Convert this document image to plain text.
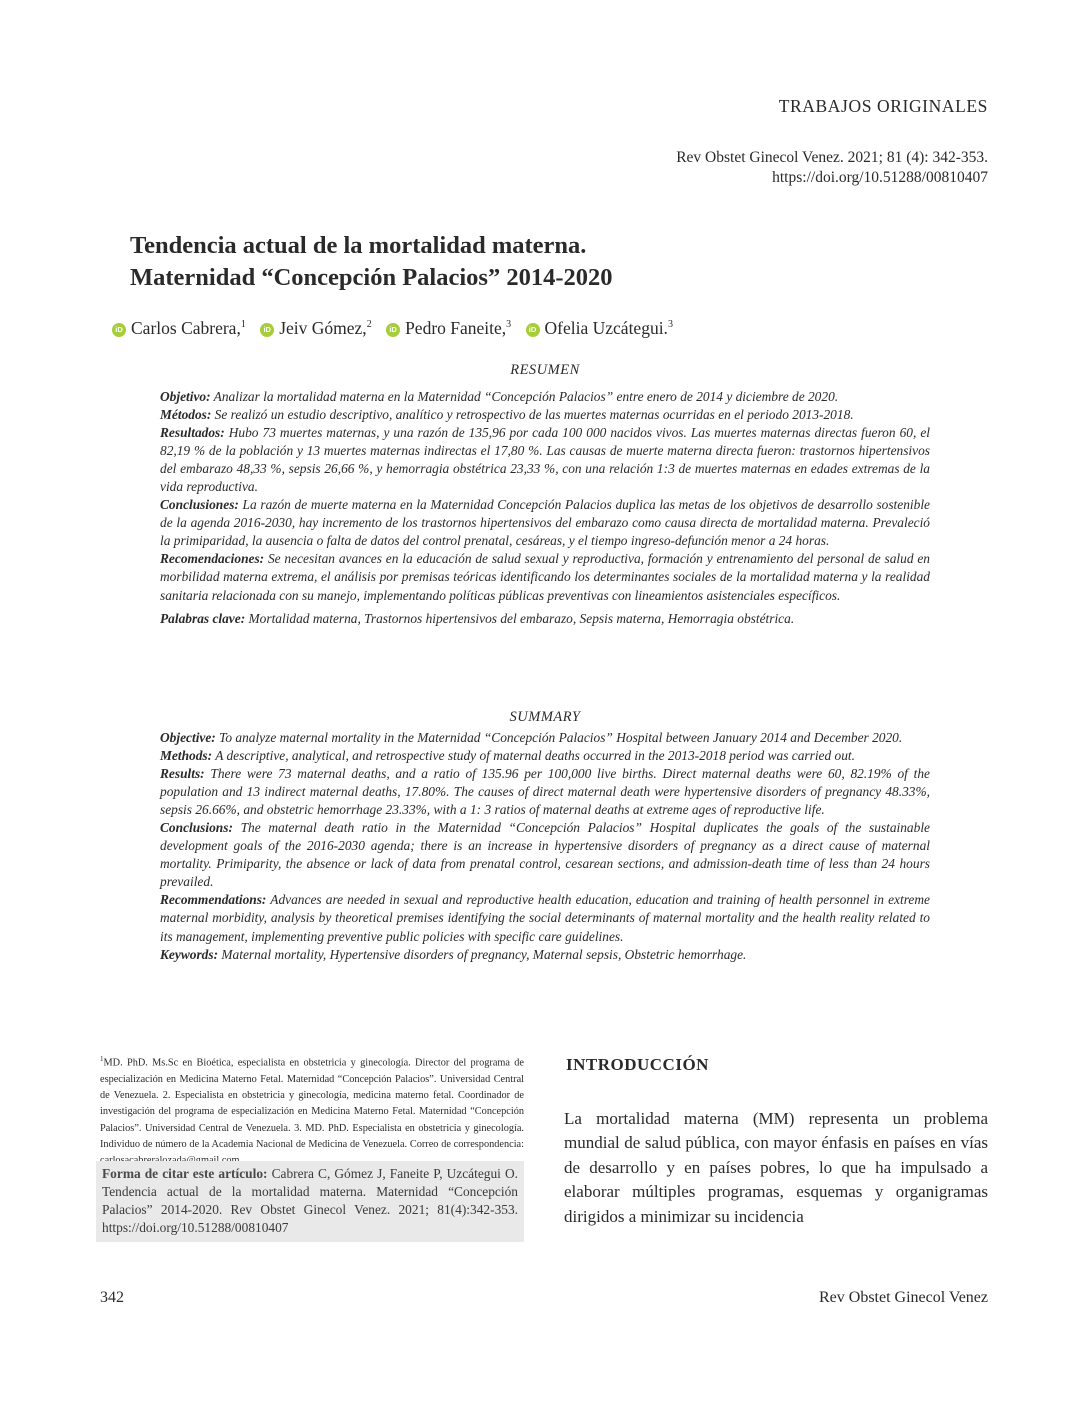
TRABAJOS ORIGINALES
Rev Obstet Ginecol Venez. 2021; 81 (4): 342-353.
https://doi.org/10.51288/00810407
Tendencia actual de la mortalidad materna.
Maternidad “Concepción Palacios” 2014-2020
iD Carlos Cabrera,$^1$ iD Jeiv Gómez,$^2$ iD Pedro Faneite,$^3$ iD Ofelia Uzcátegui.$^3$
RESUMEN

Objetivo: Analizar la mortalidad materna en la Maternidad “Concepción Palacios” entre enero de 2014 y diciembre de 2020.

Métodos: Se realizó un estudio descriptivo, analítico y retrospectivo de las muertes maternas ocurridas en el periodo 2013-2018.

Resultados: Hubo 73 muertes maternas, y una razón de 135,96 por cada 100 000 nacidos vivos. Las muertes maternas directas fueron 60, el 82,19 % de la población y 13 muertes maternas indirectas el 17,80 %. Las causas de muerte materna directa fueron: trastornos hipertensivos del embarazo 48,33 %, sepsis 26,66 %, y hemorragia obstétrica 23,33 %, con una relación 1:3 de muertes maternas en edades extremas de la vida reproductiva.

Conclusiones: La razón de muerte materna en la Maternidad Concepción Palacios duplica las metas de los objetivos de desarrollo sostenible de la agenda 2016-2030, hay incremento de los trastornos hipertensivos del embarazo como causa directa de mortalidad materna. Prevaleció la primiparidad, la ausencia o falta de datos del control prenatal, cesáreas, y el tiempo ingreso-defunción menor a 24 horas.

Recomendaciones: Se necesitan avances en la educación de salud sexual y reproductiva, formación y entrenamiento del personal de salud en morbilidad materna extrema, el análisis por premisas teóricas identificando los determinantes sociales de la mortalidad materna y la realidad sanitaria relacionada con su manejo, implementando políticas públicas preventivas con lineamientos asistenciales específicos.

Palabras clave: Mortalidad materna, Trastornos hipertensivos del embarazo, Sepsis materna, Hemorragia obstétrica.

SUMMARY

Objective: To analyze maternal mortality in the Maternidad “Concepción Palacios” Hospital between January 2014 and December 2020.

Methods: A descriptive, analytical, and retrospective study of maternal deaths occurred in the 2013-2018 period was carried out.

Results: There were 73 maternal deaths, and a ratio of 135.96 per 100,000 live births. Direct maternal deaths were 60, 82.19% of the population and 13 indirect maternal deaths, 17.80%. The causes of direct maternal death were hypertensive disorders of pregnancy 48.33%, sepsis 26.66%, and obstetric hemorrhage 23.33%, with a 1: 3 ratios of maternal deaths at extreme ages of reproductive life.

Conclusions: The maternal death ratio in the Maternidad “Concepción Palacios” Hospital duplicates the goals of the sustainable development goals of the 2016-2030 agenda; there is an increase in hypertensive disorders of pregnancy as a direct cause of maternal mortality. Primiparity, the absence or lack of data from prenatal control, cesarean sections, and admission-death time of less than 24 hours prevailed.

Recommendations: Advances are needed in sexual and reproductive health education, education and training of health personnel in extreme maternal morbidity, analysis by theoretical premises identifying the social determinants of maternal mortality and the health reality related to its management, implementing preventive public policies with specific care guidelines.

Keywords: Maternal mortality, Hypertensive disorders of pregnancy, Maternal sepsis, Obstetric hemorrhage.

$^1$MD. PhD. Ms.Sc en Bioética, especialista en obstetricia y ginecología. Director del programa de especialización en Medicina Materno Fetal. Maternidad “Concepción Palacios”. Universidad Central de Venezuela. 2. Especialista en obstetricia y ginecología, medicina materno fetal. Coordinador de investigación del programa de especialización en Medicina Materno Fetal. Maternidad “Concepción Palacios”. Universidad Central de Venezuela. 3. MD. PhD. Especialista en obstetricia y ginecología. Individuo de número de la Academia Nacional de Medicina de Venezuela. Correo de correspondencia:
Forma de citar este artículo: Cabrera C, Gómez J, Faneite P, Uzcátegui O. Tendencia actual de la mortalidad materna. Maternidad “Concepción Palacios” 2014-2020. Rev Obstet Ginecol Venez. 2021; 81(4):342-353. https://doi.org/10.51288/00810407
INTRODUCCIÓN
La mortalidad materna (MM) representa un problema mundial de salud pública, con mayor énfasis en países en vías de desarrollo y en países pobres, lo que ha impulsado a elaborar múltiples programas, esquemas y organigramas dirigidos a minimizar su incidencia
342	Rev Obstet Ginecol Venez
